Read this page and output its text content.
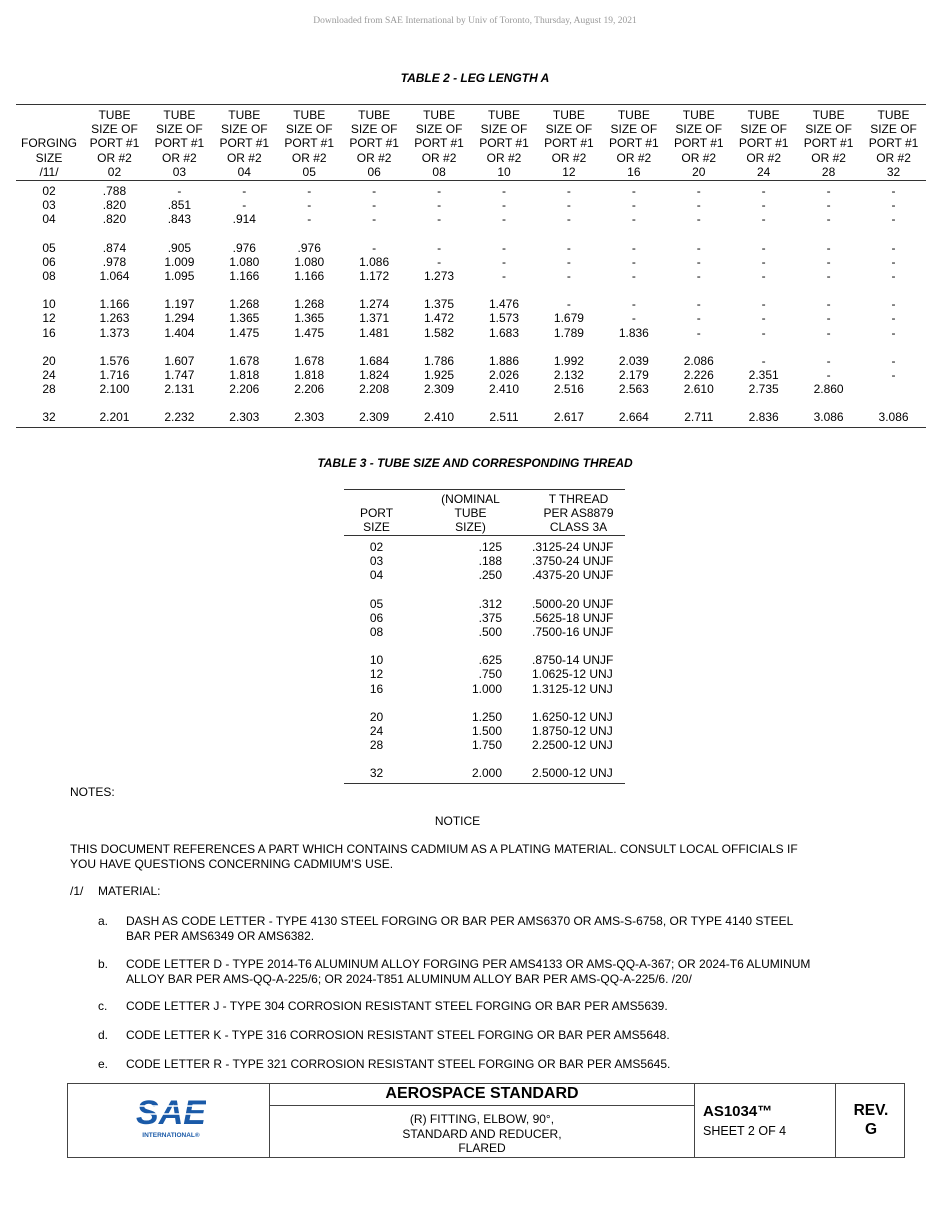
Downloaded from SAE International by Univ of Toronto, Thursday, August 19, 2021
TABLE 2 - LEG LENGTH A
	TUBE	TUBE	TUBE	TUBE	TUBE	TUBE	TUBE	TUBE	TUBE	TUBE	TUBE	TUBE	TUBE
	SIZE OF	SIZE OF	SIZE OF	SIZE OF	SIZE OF	SIZE OF	SIZE OF	SIZE OF	SIZE OF	SIZE OF	SIZE OF	SIZE OF	SIZE OF
FORGING	PORT #1	PORT #1	PORT #1	PORT #1	PORT #1	PORT #1	PORT #1	PORT #1	PORT #1	PORT #1	PORT #1	PORT #1	PORT #1
SIZE	OR #2	OR #2	OR #2	OR #2	OR #2	OR #2	OR #2	OR #2	OR #2	OR #2	OR #2	OR #2	OR #2
/11/	02	03	04	05	06	08	10	12	16	20	24	28	32
02	.788	-	-	-	-	-	-	-	-	-	-	-	-
03	.820	.851	-	-	-	-	-	-	-	-	-	-	-
04	.820	.843	.914	-	-	-	-	-	-	-	-	-	-
05	.874	.905	.976	.976	-	-	-	-	-	-	-	-	-
06	.978	1.009	1.080	1.080	1.086	-	-	-	-	-	-	-	-
08	1.064	1.095	1.166	1.166	1.172	1.273	-	-	-	-	-	-	-
10	1.166	1.197	1.268	1.268	1.274	1.375	1.476	-	-	-	-	-	-
12	1.263	1.294	1.365	1.365	1.371	1.472	1.573	1.679	-	-	-	-	-
16	1.373	1.404	1.475	1.475	1.481	1.582	1.683	1.789	1.836	-	-	-	-
20	1.576	1.607	1.678	1.678	1.684	1.786	1.886	1.992	2.039	2.086	-	-	-
24	1.716	1.747	1.818	1.818	1.824	1.925	2.026	2.132	2.179	2.226	2.351	-	-
28	2.100	2.131	2.206	2.206	2.208	2.309	2.410	2.516	2.563	2.610	2.735	2.860	
32	2.201	2.232	2.303	2.303	2.309	2.410	2.511	2.617	2.664	2.711	2.836	3.086	3.086
TABLE 3 - TUBE SIZE AND CORRESPONDING THREAD
PORT
SIZE	(NOMINAL
TUBE
SIZE)	T THREAD
PER AS8879
CLASS 3A
02	.125	.3125-24 UNJF
03	.188	.3750-24 UNJF
04	.250	.4375-20 UNJF
05	.312	.5000-20 UNJF
06	.375	.5625-18 UNJF
08	.500	.7500-16 UNJF
10	.625	.8750-14 UNJF
12	.750	1.0625-12 UNJ
16	1.000	1.3125-12 UNJ
20	1.250	1.6250-12 UNJ
24	1.500	1.8750-12 UNJ
28	1.750	2.2500-12 UNJ
32	2.000	2.5000-12 UNJ
NOTES:
NOTICE
THIS DOCUMENT REFERENCES A PART WHICH CONTAINS CADMIUM AS A PLATING MATERIAL. CONSULT LOCAL OFFICIALS IF
YOU HAVE QUESTIONS CONCERNING CADMIUM’S USE.
/1/ MATERIAL:
a. DASH AS CODE LETTER - TYPE 4130 STEEL FORGING OR BAR PER AMS6370 OR AMS-S-6758, OR TYPE 4140 STEEL
BAR PER AMS6349 OR AMS6382.
b. CODE LETTER D - TYPE 2014-T6 ALUMINUM ALLOY FORGING PER AMS4133 OR AMS-QQ-A-367; OR 2024-T6 ALUMINUM
ALLOY BAR PER AMS-QQ-A-225/6; OR 2024-T851 ALUMINUM ALLOY BAR PER AMS-QQ-A-225/6. /20/
c. CODE LETTER J - TYPE 304 CORROSION RESISTANT STEEL FORGING OR BAR PER AMS5639.
d. CODE LETTER K - TYPE 316 CORROSION RESISTANT STEEL FORGING OR BAR PER AMS5648.
e. CODE LETTER R - TYPE 321 CORROSION RESISTANT STEEL FORGING OR BAR PER AMS5645.
SAE
INTERNATIONAL®
AEROSPACE STANDARD
(R) FITTING, ELBOW, 90°,
STANDARD AND REDUCER,
FLARED
AS1034™
SHEET 2 OF 4
REV.
G
